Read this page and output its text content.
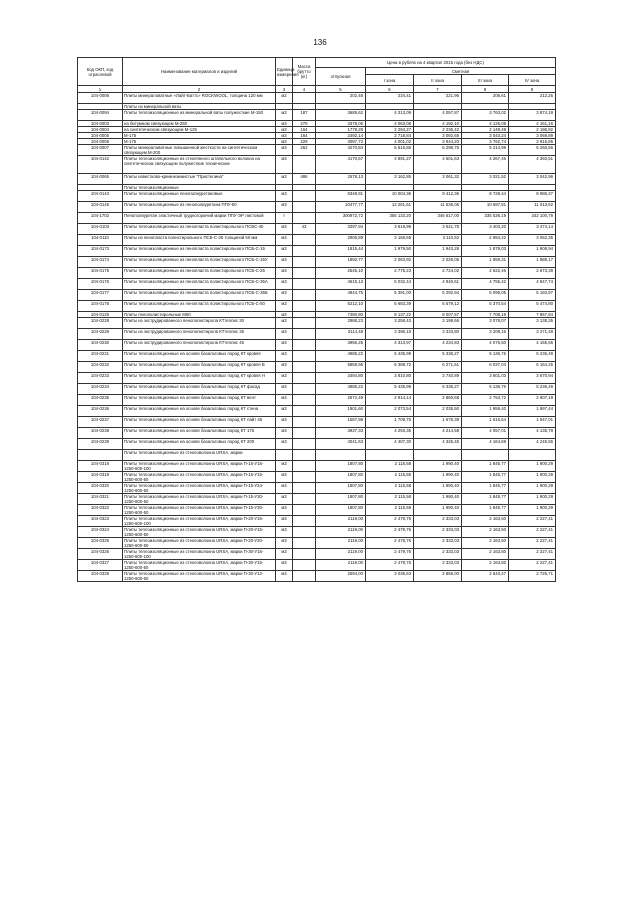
136
Код ОКП, код отраслевой	Наименование материалов и изделий	Единица измерения	Масса брутто (кг)	Цена в рублях на 4 квартал 2015 года (без НДС)				
				отпускная	Сметная			
					I зона	II зона	III зона	IV зона
1	2	3	4	5	6	7	8	9
104-0006	Плиты минераловатные «Лайт-Баттс» ROCKWOOL, толщина 120 мм	м2		202,48	234,41	221,96	206,61	212,26
	Плиты из минеральной ваты							
104-0094	Плиты теплоизоляционные из минеральной ваты полужесткие М-150	м3	187	3685,62	4 313,09	4 057,87	3 763,02	3 874,19
104-0003	на битумном связующем М-250	м3	270	3378,06	4 063,08	4 192,10	4 125,05	4 161,16
104-0004	на синтетическом связующем М-125	м3	164	1778,28	2 294,27	2 236,42	2 149,49	2 196,92
104-0005	М-175	м3	164	2492,14	2 718,84	3 092,68	3 043,24	3 069,89
104-0006	М-175	м3	229	3097,73	4 001,02	3 944,20	3 762,74	3 815,85
104-0007	Плиты минераловатные повышенной жесткости на синтетическом связующем М-200	м3	262	4270,84	5 515,86	5 298,76	5 214,99	5 260,66
104-0142	Плиты теплоизоляционные из стеклянного штапельного волокна на синтетическом связующем полужесткие технические	м3		4170,67	4 891,27	4 601,63	4 267,46	4 393,51
104-0065	Плиты известково-кремнеземистые "Пристелина"	м3	486	2578,13	3 162,85	3 061,32	3 021,52	3 042,96
	Плиты теплоизоляционные							
104-0143	Плиты теплоизоляционные пенополиуретановые	м3		8348,91	10 004,36	9 412,36	8 728,44	8 986,27
104-0145	Плиты теплоизоляционные из пенополиуретана ППУ-50	м3		10477,77	12 261,61	11 536,06	10 697,81	11 013,62
104-1702	Пенополиуретан эластичный трудногорючий марки ППУ-ЭР листовой	т		300972,72	355 133,20	346 617,00	335 536,19	342 100,79
104-0103	Плиты теплоизоляционные из пенопласта полистирольного ПСБС-40	м3	43	3297,94	3 619,99	3 541,78	3 403,20	3 474,14
104-0110	Плиты из пенопласта полистирольного ПСБ-С-35 толщиной 50 мм	м3		2906,89	3 168,65	3 110,52	2 984,22	3 052,35
104-0173	Плиты теплоизоляционные из пенопласта полистирольного ПСБ-С-15	м3		1815,44	1 979,50	1 943,28	1 879,03	1 908,94
104-0174	Плиты теплоизоляционные из пенопласта полистирольного ПСБ-С-15У	м3		1892,77	2 063,92	2 026,05	1 959,31	1 988,17
104-0175	Плиты теплоизоляционные из пенопласта полистирольного ПСБ-С-25	м3		2545,10	2 775,23	2 724,02	2 622,46	2 673,39
104-0176	Плиты теплоизоляционные из пенопласта полистирольного ПСБ-С-35А	м3		4615,13	5 032,44	4 940,61	4 755,42	4 847,74
104-0177	Плиты теплоизоляционные из пенопласта полистирольного ПСБ-С-35Б	м3		4944,75	5 391,00	5 292,94	5 095,05	5 193,97
104-0178	Плиты теплоизоляционные из пенопласта полистирольного ПСБ-С-50	м3		5212,10	5 683,39	5 579,12	5 370,54	5 474,80
104-0126	Плиты пенополистирольные М50	м3		7480,80	8 137,22	8 007,57	7 708,19	7 857,84
104-0228	Плиты из экструдированного пенополистирола КТтеплис 30	м3		2988,23	3 258,43	3 198,66	3 078,07	3 138,35
104-0229	Плиты из экструдированного пенополистирола КТтеплис 35	м3		3114,48	3 396,10	3 333,80	3 209,16	3 271,48
104-0230	Плиты из экструдированного пенополистирола КТтеплис 45	м3		3956,25	4 313,97	4 234,83	4 076,50	4 155,65
104-0231	Плиты теплоизоляционные на основе базальтовых пород КТ кровля	м3		4985,22	5 435,99	5 336,27	5 136,76	5 236,49
104-0232	Плиты теплоизоляционные на основе базальтовых пород КТ кровля В	м3		5858,95	6 388,72	6 271,51	6 037,04	6 154,25
104-0233	Плиты теплоизоляционные на основе базальтовых пород КТ кровля Н	м3		3494,80	3 810,80	3 740,89	3 601,03	3 670,94
104-0234	Плиты теплоизоляционные на основе базальтовых пород КТ фасад	м3		4985,22	5 435,99	5 336,27	5 136,76	5 236,49
104-0235	Плиты теплоизоляционные на основе базальтовых пород КТ вент	м3		2672,49	2 914,14	2 860,68	2 753,72	2 807,19
104-0236	Плиты теплоизоляционные на основе базальтовых пород КТ стена	м3		1901,60	2 073,54	2 035,50	1 959,40	1 997,44
104-0237	Плиты теплоизоляционные на основе базальтовых пород КТ лайт 45	м3		1567,98	1 709,76	1 678,39	1 615,64	1 647,01
104-0238	Плиты теплоизоляционные на основе базальтовых пород КТ 175	м3		3937,33	4 293,35	4 214,58	4 057,01	4 135,78
104-0239	Плиты теплоизоляционные на основе базальтовых пород КТ 200	м3		4041,63	4 407,30	4 326,45	4 164,69	4 245,55
	Плиты теплоизоляционные из стекловолокна URSA, марки							
104-0318	Плиты теплоизоляционные из стекловолокна URSA, марки П-15-У15-1250-600-100	м3		1807,80	2 115,58	1 990,40	1 845,77	1 900,29
104-0319	Плиты теплоизоляционные из стекловолокна URSA, марки П-15-У15-1250-600-50	м3		1807,80	2 115,58	1 990,40	1 845,77	1 900,29
104-0320	Плиты теплоизоляционные из стекловолокна URSA, марки П-15-У24-1250-600-50	м3		1807,80	2 115,58	1 990,40	1 845,77	1 900,29
104-0321	Плиты теплоизоляционные из стекловолокна URSA, марки П-15-У30-1250-600-50	м3		1807,80	2 115,58	1 990,40	1 845,77	1 900,29
104-0322	Плиты теплоизоляционные из стекловолокна URSA, марки П-15-У30-1250-600-50	м3		1807,80	2 115,59	1 990,40	1 845,77	1 900,29
104-0323	Плиты теплоизоляционные из стекловолокна URSA, марки П-20-У15-1250-600-100	м3		2119,00	2 479,76	2 333,03	2 163,50	2 227,41
104-0324	Плиты теплоизоляционные из стекловолокна URSA, марки П-20-У15-1250-600-50	м3		2119,00	2 479,76	2 333,03	2 163,50	2 227,41
104-0325	Плиты теплоизоляционные из стекловолокна URSA, марки П-20-У20-1250-600-50	м3		2119,00	2 479,76	2 333,03	2 163,50	2 227,41
104-0326	Плиты теплоизоляционные из стекловолокна URSA, марки П-30-У15-1250-600-100	м3		2119,00	2 479,76	2 333,03	2 163,50	2 227,41
104-0327	Плиты теплоизоляционные из стекловолокна URSA, марки П-30-У15-1250-600-50	м3		2119,00	2 479,76	2 333,03	2 163,50	2 227,41
104-0328	Плиты теплоизоляционные из стекловолокна URSA, марки П-30-У12-1250-600-60	м3		2594,00	3 035,63	2 856,00	2 643,47	2 726,71
